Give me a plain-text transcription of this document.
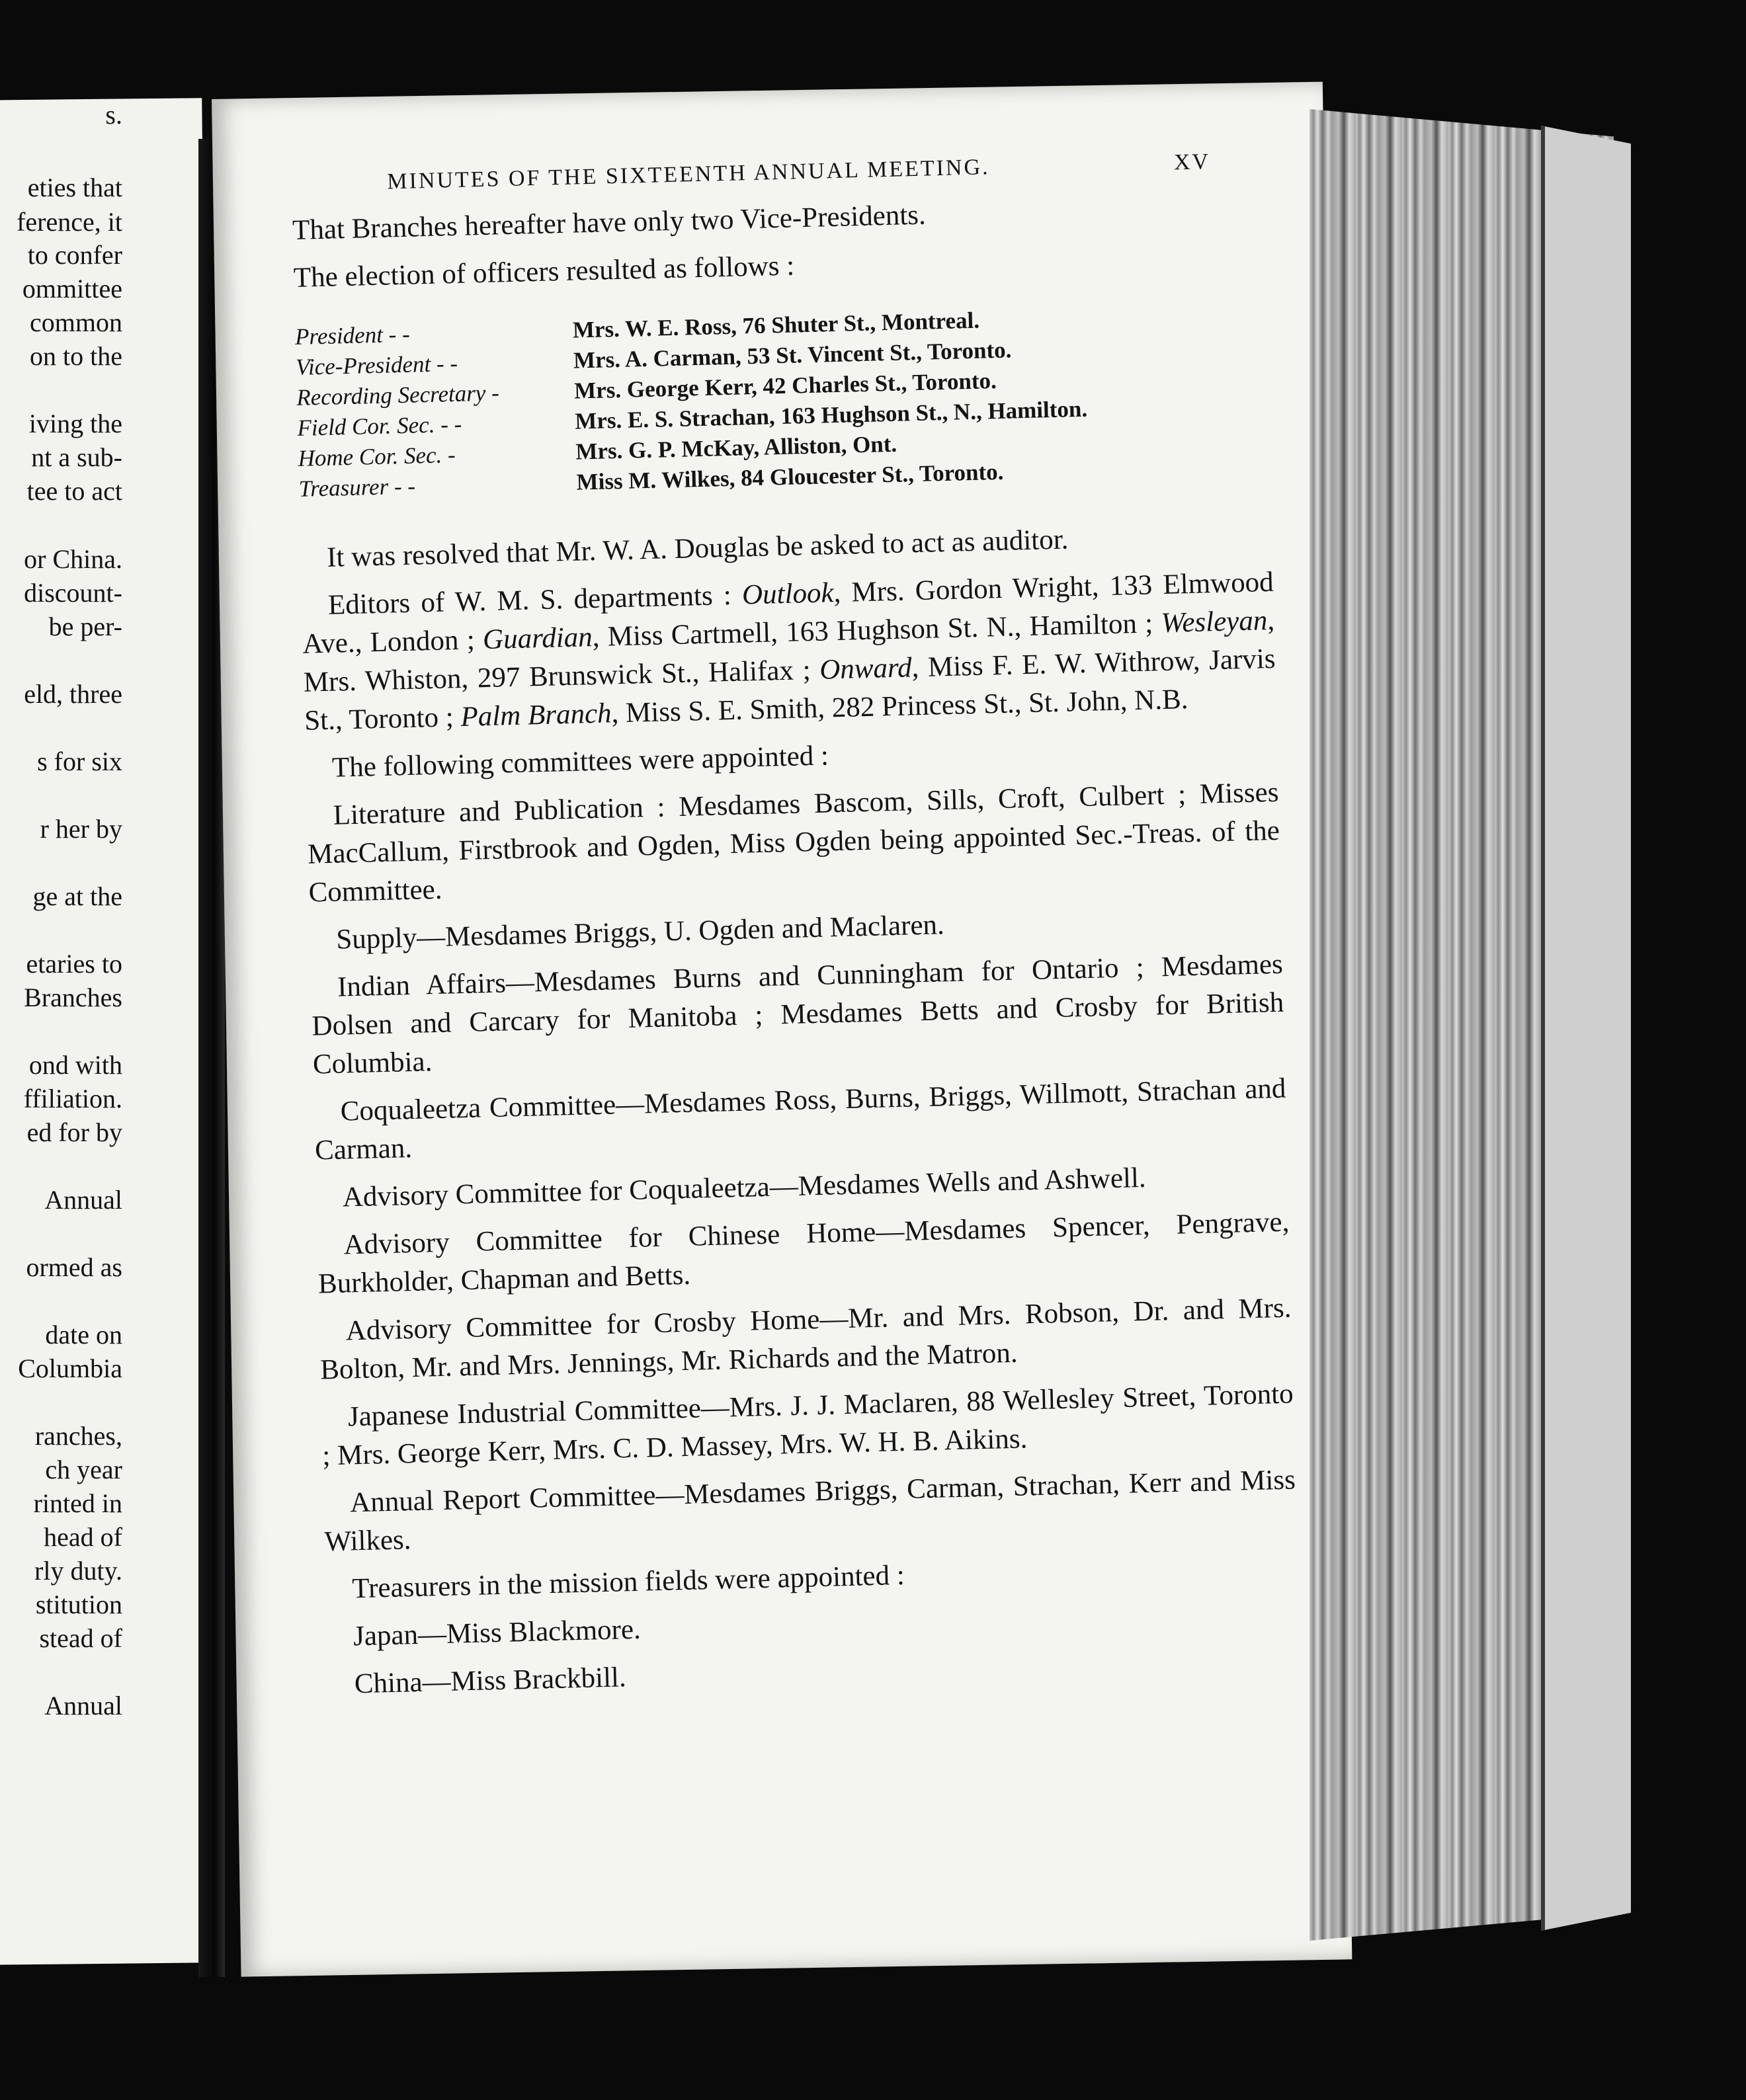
s.
eties that
ference, it
to confer
ommittee
common
on to the
iving the
nt a sub-
tee to act
or China.
discount-
be per-
eld, three
s for six
r her by
ge at the
etaries to
Branches
ond with
ffiliation.
ed for by
Annual
ormed as
date on
Columbia
ranches,
ch year
rinted in
head of
rly duty.
stitution
stead of
Annual
MINUTES OF THE SIXTEENTH ANNUAL MEETING.	XV

That Branches hereafter have only two Vice-Presidents.

The election of officers resulted as follows :

President - -	Mrs. W. E. Ross, 76 Shuter St., Montreal.
Vice-President - -	Mrs. A. Carman, 53 St. Vincent St., Toronto.
Recording Secretary -	Mrs. George Kerr, 42 Charles St., Toronto.
Field Cor. Sec. - -	Mrs. E. S. Strachan, 163 Hughson St., N., Hamilton.
Home Cor. Sec. -	Mrs. G. P. McKay, Alliston, Ont.
Treasurer - -	Miss M. Wilkes, 84 Gloucester St., Toronto.

It was resolved that Mr. W. A. Douglas be asked to act as auditor.

Editors of W. M. S. departments : Outlook, Mrs. Gordon Wright, 133 Elmwood Ave., London ; Guardian, Miss Cartmell, 163 Hughson St. N., Hamilton ; Wesleyan, Mrs. Whiston, 297 Brunswick St., Halifax ; Onward, Miss F. E. W. Withrow, Jarvis St., Toronto ; Palm Branch, Miss S. E. Smith, 282 Princess St., St. John, N.B.

The following committees were appointed :

Literature and Publication : Mesdames Bascom, Sills, Croft, Culbert ; Misses MacCallum, Firstbrook and Ogden, Miss Ogden being appointed Sec.-Treas. of the Committee.

Supply—Mesdames Briggs, U. Ogden and Maclaren.

Indian Affairs—Mesdames Burns and Cunningham for Ontario ; Mesdames Dolsen and Carcary for Manitoba ; Mesdames Betts and Crosby for British Columbia.

Coqualeetza Committee—Mesdames Ross, Burns, Briggs, Willmott, Strachan and Carman.

Advisory Committee for Coqualeetza—Mesdames Wells and Ashwell.

Advisory Committee for Chinese Home—Mesdames Spencer, Pengrave, Burkholder, Chapman and Betts.

Advisory Committee for Crosby Home—Mr. and Mrs. Robson, Dr. and Mrs. Bolton, Mr. and Mrs. Jennings, Mr. Richards and the Matron.

Japanese Industrial Committee—Mrs. J. J. Maclaren, 88 Wellesley Street, Toronto ; Mrs. George Kerr, Mrs. C. D. Massey, Mrs. W. H. B. Aikins.

Annual Report Committee—Mesdames Briggs, Carman, Strachan, Kerr and Miss Wilkes.

Treasurers in the mission fields were appointed :

Japan—Miss Blackmore.

China—Miss Brackbill.
